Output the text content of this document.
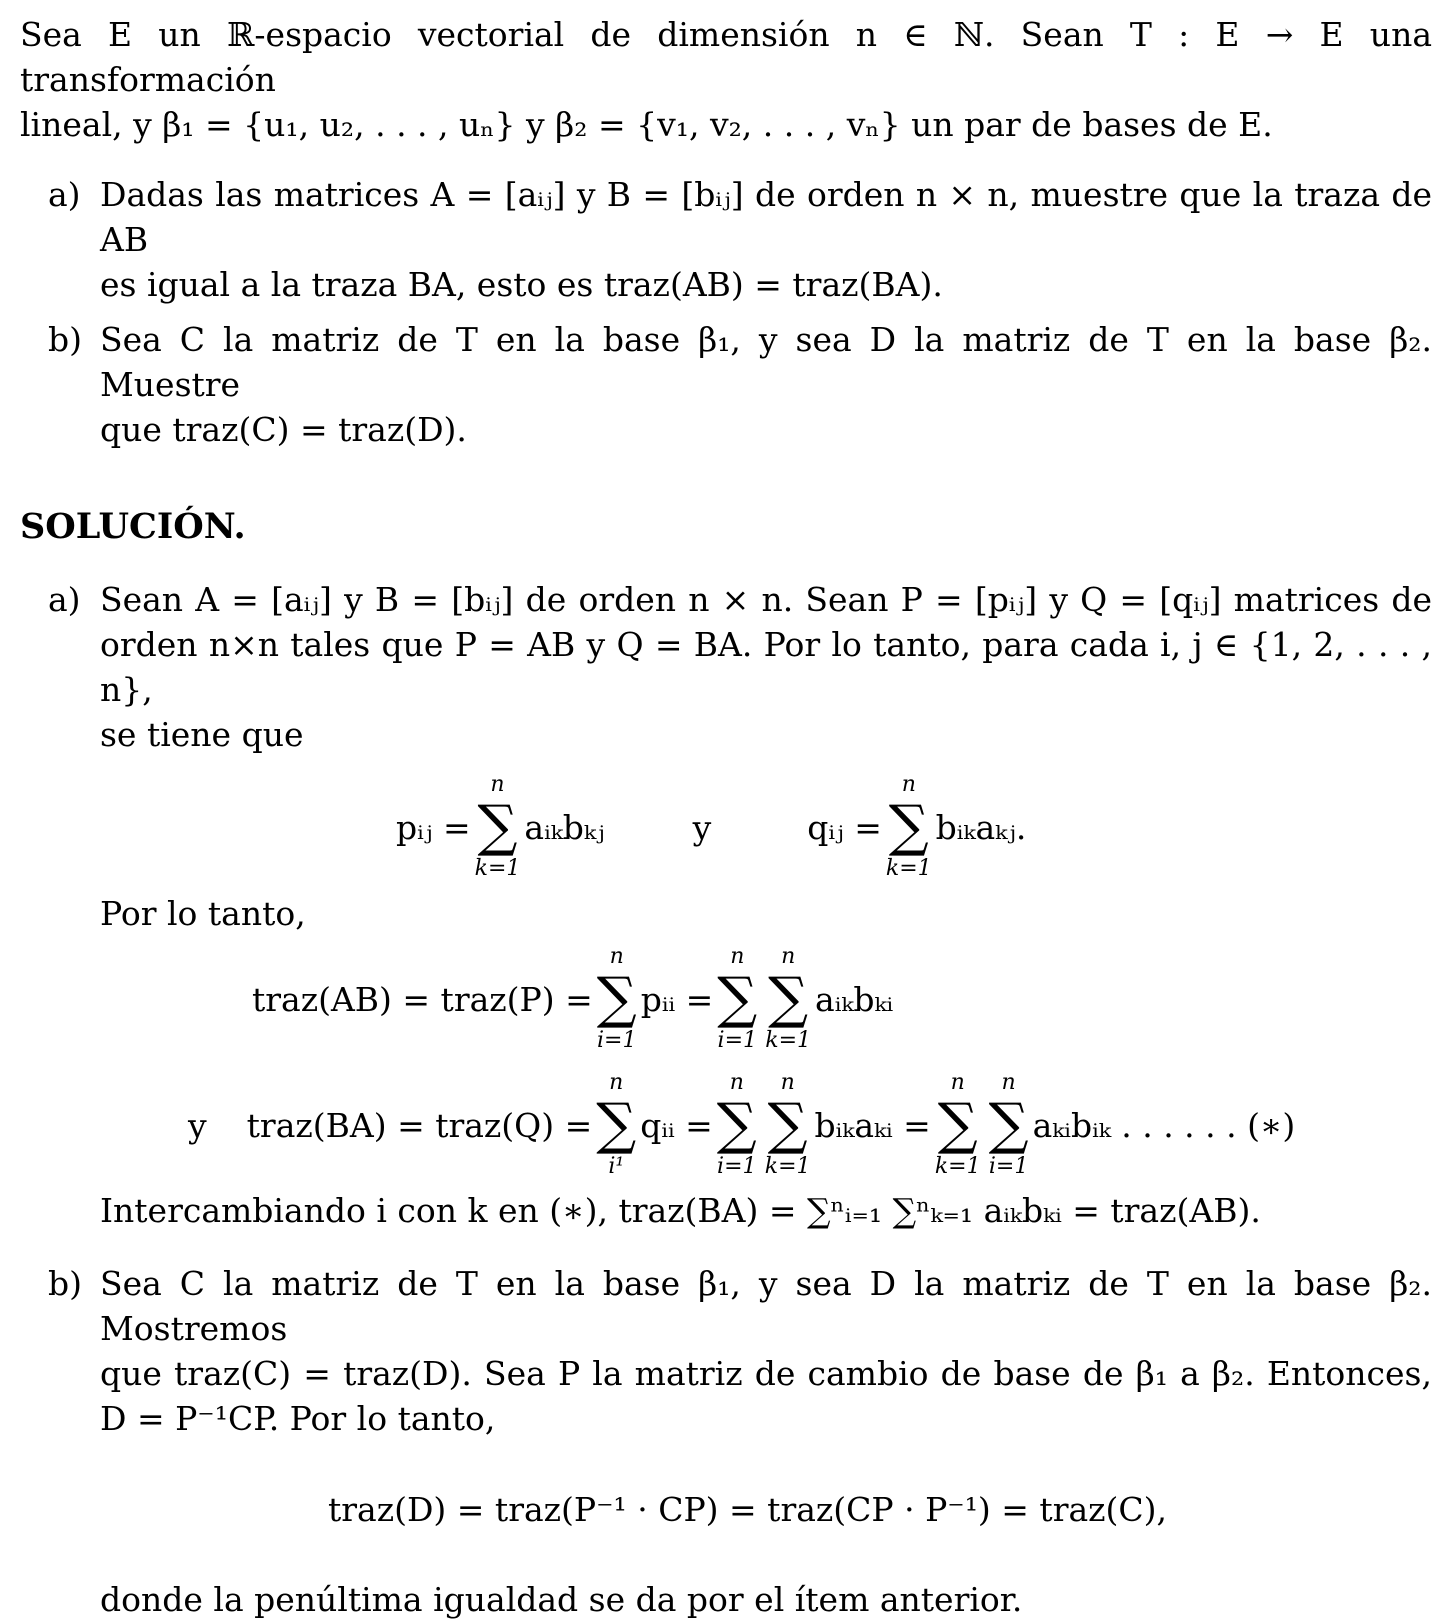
Sea E un ℝ-espacio vectorial de dimensión n ∈ ℕ. Sean T : E → E una transformación
lineal, y β₁ = {u₁, u₂, . . . , uₙ} y β₂ = {v₁, v₂, . . . , vₙ} un par de bases de E.
a) Dadas las matrices A = [aᵢⱼ] y B = [bᵢⱼ] de orden n × n, muestre que la traza de AB
es igual a la traza BA, esto es traz(AB) = traz(BA).
b) Sea C la matriz de T en la base β₁, y sea D la matriz de T en la base β₂. Muestre
que traz(C) = traz(D).
SOLUCIÓN.
a) Sean A = [aᵢⱼ] y B = [bᵢⱼ] de orden n × n. Sean P = [pᵢⱼ] y Q = [qᵢⱼ] matrices de
orden n×n tales que P = AB y Q = BA. Por lo tanto, para cada i, j ∈ {1, 2, . . . , n},
se tiene que
pᵢⱼ =
n
∑
k=1
aᵢₖbₖⱼ	y	qᵢⱼ =
n
∑
k=1
bᵢₖaₖⱼ.
Por lo tanto,
traz(AB) = traz(P) =
n
∑
i=1
pᵢᵢ =
n
∑
i=1
n
∑
k=1
aᵢₖbₖᵢ
y traz(BA) = traz(Q) =
n
∑
i¹
qᵢᵢ =
n
∑
i=1
n
∑
k=1
bᵢₖaₖᵢ =
n
∑
k=1
n
∑
i=1
aₖᵢbᵢₖ . . . . . . (∗)
Intercambiando i con k en (∗), traz(BA) = ∑ⁿᵢ₌₁ ∑ⁿₖ₌₁ aᵢₖbₖᵢ = traz(AB).
b) Sea C la matriz de T en la base β₁, y sea D la matriz de T en la base β₂. Mostremos
que traz(C) = traz(D). Sea P la matriz de cambio de base de β₁ a β₂. Entonces,
D = P⁻¹CP. Por lo tanto,
traz(D) = traz(P⁻¹ · CP) = traz(CP · P⁻¹) = traz(C),
donde la penúltima igualdad se da por el ítem anterior.
